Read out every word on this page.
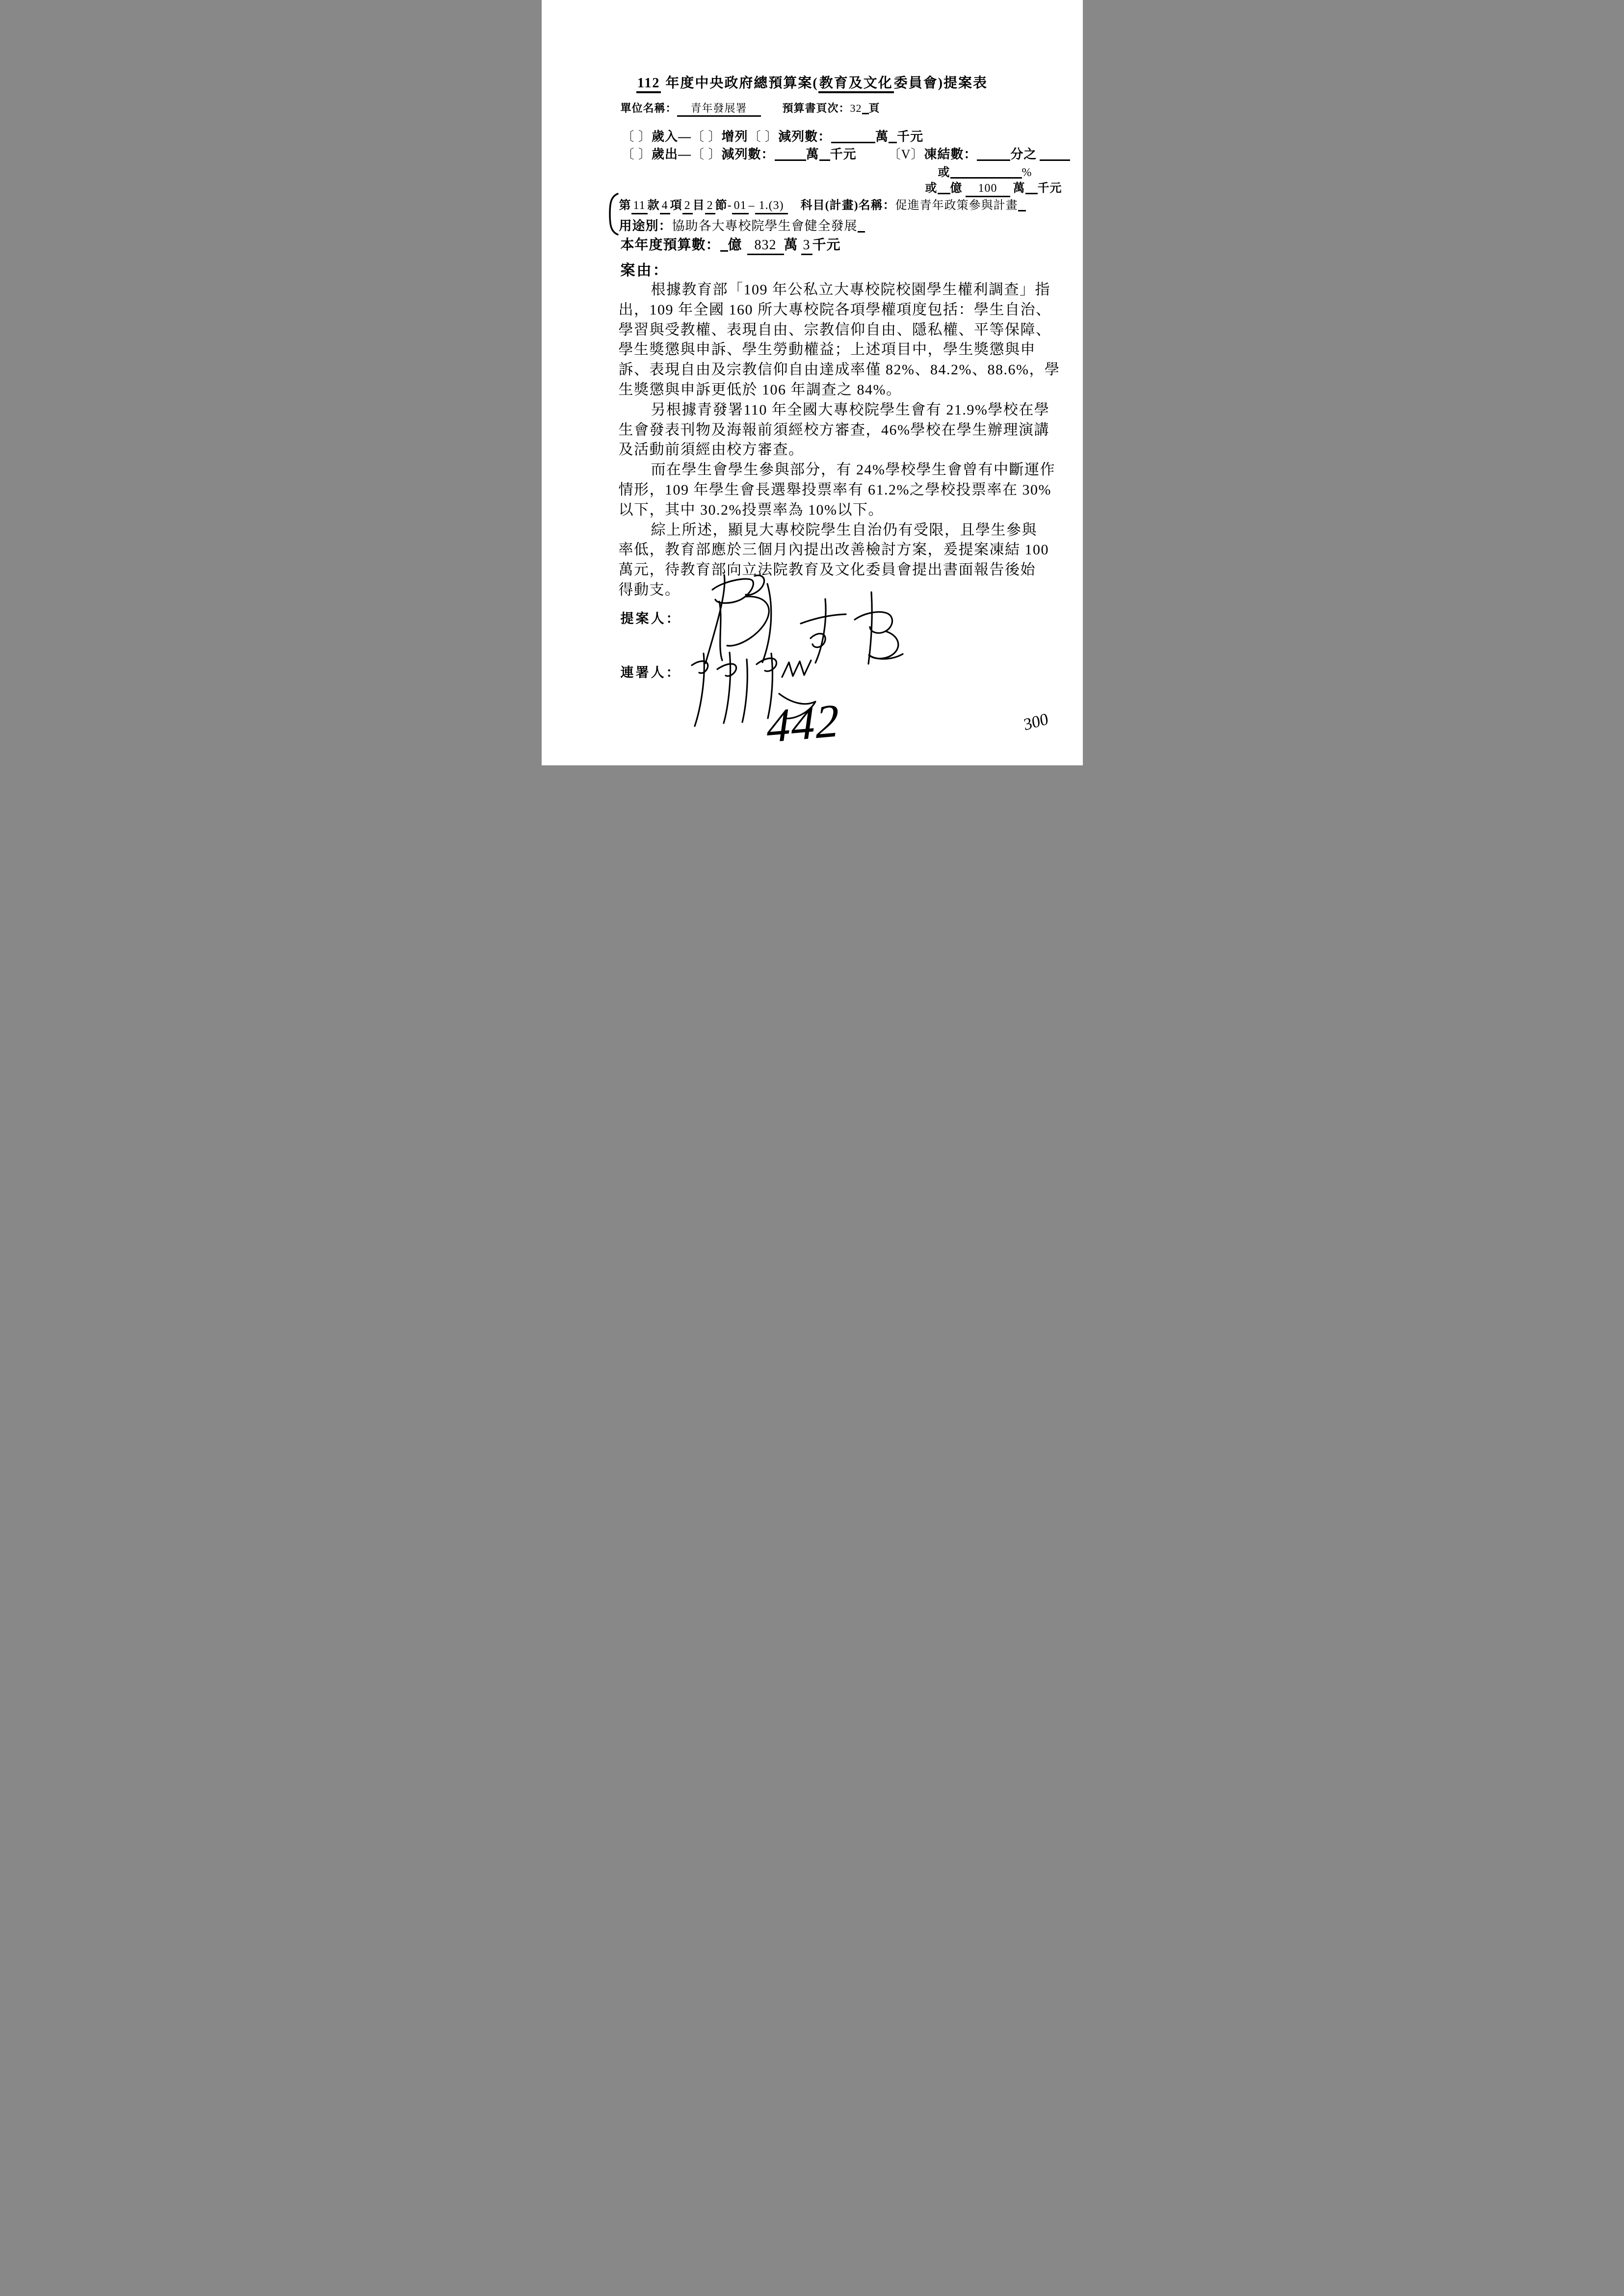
112 年度中央政府總預算案(教育及文化委員會)提案表
單位名稱： 青年發展署	預算書頁次：32 頁
〔 〕歲入—〔 〕增列〔 〕減列數：	萬 千元
〔 〕歲出—〔 〕減列數： 萬 千元 〔V〕凍結數：	分之
或	%
或 億 100 萬 千元
第 11 款 4 項 2 目 2 節- 01 – 1.(3) 科目(計畫)名稱：促進青年政策參與計畫
用途別：協助各大專校院學生會健全發展
本年度預算數： 億 832 萬 3 千元
案由：
根據教育部「109 年公私立大專校院校園學生權利調查」指
出，109 年全國 160 所大專校院各項學權項度包括：學生自治、
學習與受教權、表現自由、宗教信仰自由、隱私權、平等保障、
學生獎懲與申訴、學生勞動權益；上述項目中，學生獎懲與申
訴、表現自由及宗教信仰自由達成率僅 82%、84.2%、88.6%，學
生獎懲與申訴更低於 106 年調查之 84%。
另根據青發署110 年全國大專校院學生會有 21.9%學校在學
生會發表刊物及海報前須經校方審查，46%學校在學生辦理演講
及活動前須經由校方審查。
而在學生會學生參與部分，有 24%學校學生會曾有中斷運作
情形，109 年學生會長選舉投票率有 61.2%之學校投票率在 30%
以下，其中 30.2%投票率為 10%以下。
綜上所述，顯見大專校院學生自治仍有受限，且學生參與
率低，教育部應於三個月內提出改善檢討方案，爰提案凍結 100
萬元，待教育部向立法院教育及文化委員會提出書面報告後始
得動支。
提案人：
連署人：
442	300
